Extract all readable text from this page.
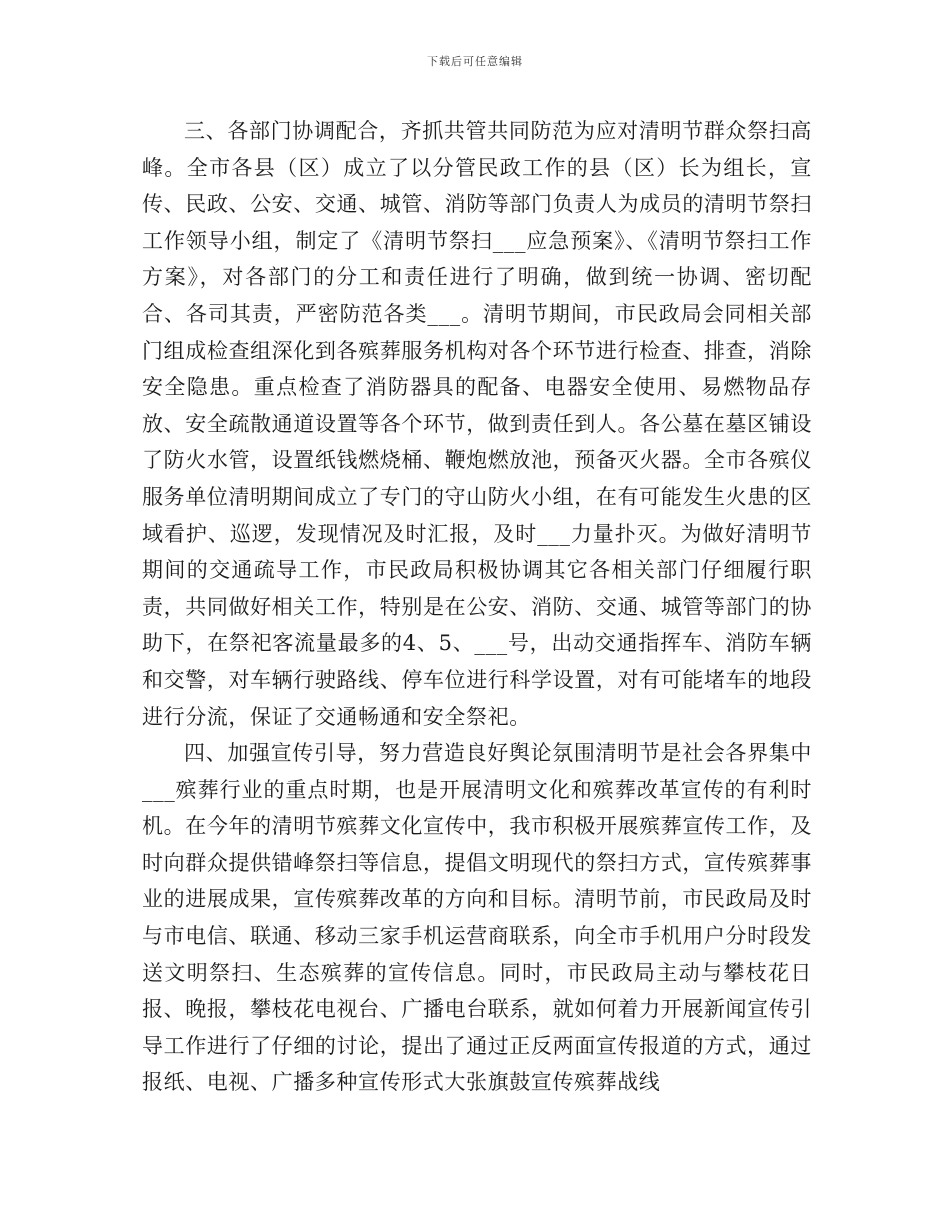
下载后可任意编辑

三、各部门协调配合，齐抓共管共同防范为应对清明节群众祭扫高峰。全市各县（区）成立了以分管民政工作的县（区）长为组长，宣传、民政、公安、交通、城管、消防等部门负责人为成员的清明节祭扫工作领导小组，制定了《清明节祭扫___应急预案》、《清明节祭扫工作方案》，对各部门的分工和责任进行了明确，做到统一协调、密切配合、各司其责，严密防范各类___。清明节期间，市民政局会同相关部门组成检查组深化到各殡葬服务机构对各个环节进行检查、排查，消除安全隐患。重点检查了消防器具的配备、电器安全使用、易燃物品存放、安全疏散通道设置等各个环节，做到责任到人。各公墓在墓区铺设了防火水管，设置纸钱燃烧桶、鞭炮燃放池，预备灭火器。全市各殡仪服务单位清明期间成立了专门的守山防火小组，在有可能发生火患的区域看护、巡逻，发现情况及时汇报，及时___力量扑灭。为做好清明节期间的交通疏导工作，市民政局积极协调其它各相关部门仔细履行职责，共同做好相关工作，特别是在公安、消防、交通、城管等部门的协助下，在祭祀客流量最多的4、5、___号，出动交通指挥车、消防车辆和交警，对车辆行驶路线、停车位进行科学设置，对有可能堵车的地段进行分流，保证了交通畅通和安全祭祀。

四、加强宣传引导，努力营造良好舆论氛围清明节是社会各界集中___殡葬行业的重点时期，也是开展清明文化和殡葬改革宣传的有利时机。在今年的清明节殡葬文化宣传中，我市积极开展殡葬宣传工作，及时向群众提供错峰祭扫等信息，提倡文明现代的祭扫方式，宣传殡葬事业的进展成果，宣传殡葬改革的方向和目标。清明节前，市民政局及时与市电信、联通、移动三家手机运营商联系，向全市手机用户分时段发送文明祭扫、生态殡葬的宣传信息。同时，市民政局主动与攀枝花日报、晚报，攀枝花电视台、广播电台联系，就如何着力开展新闻宣传引导工作进行了仔细的讨论，提出了通过正反两面宣传报道的方式，通过报纸、电视、广播多种宣传形式大张旗鼓宣传殡葬战线
